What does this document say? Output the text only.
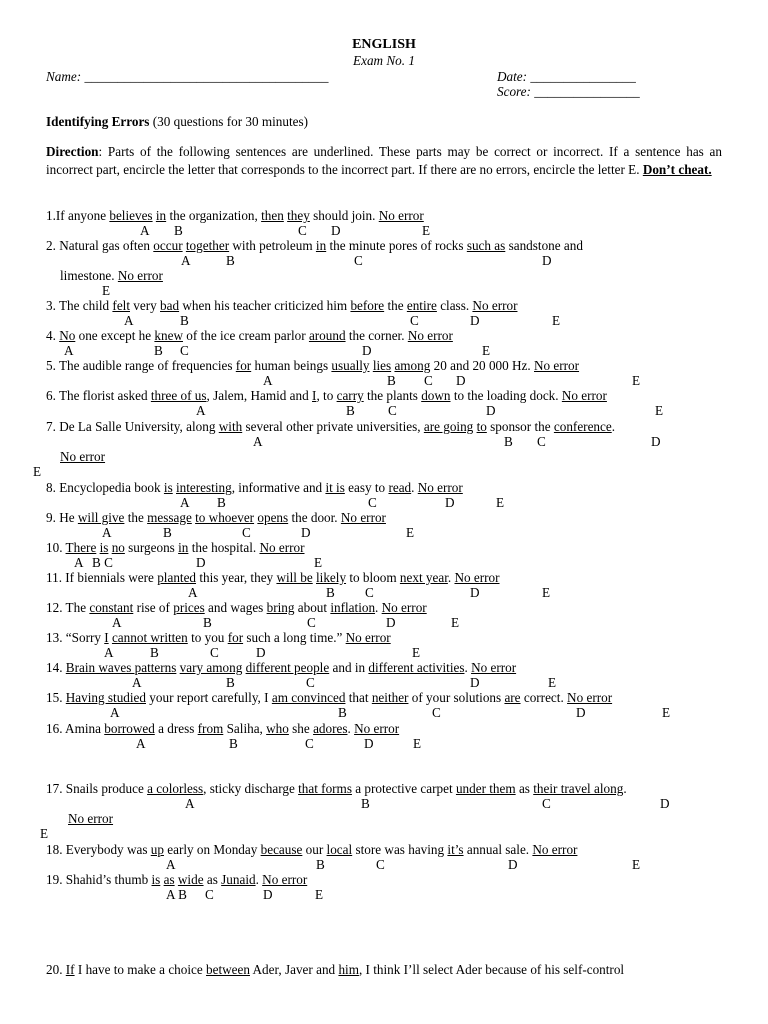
ENGLISH
Exam No. 1
Name: _____________________________________	Date: ________________
Score: ________________
Identifying Errors (30 questions for 30 minutes)
Direction: Parts of the following sentences are underlined. These parts may be correct or incorrect. If a sentence has an incorrect part, encircle the letter that corresponds to the incorrect part. If there are no errors, encircle the letter E. Don’t cheat.
1.If anyone believes in the organization, then they should join. No error
A B	C D	E
2. Natural gas often occur together with petroleum in the minute pores of rocks such as sandstone and
A	B	C	D
limestone. No error
E
3. The child felt very bad when his teacher criticized him before the entire class. No error
A	B	C	D	E
4. No one except he knew of the ice cream parlor around the corner. No error
A	B C	D	E
5. The audible range of frequencies for human beings usually lies among 20 and 20 000 Hz. No error
A	B C D	E
6. The florist asked three of us, Jalem, Hamid and I, to carry the plants down to the loading dock. No error
A	B	C	D	E
7. De La Salle University, along with several other private universities, are going to sponsor the conference.
A	B C	D
No error
E
8. Encyclopedia book is interesting, informative and it is easy to read. No error
A B	C	D	E
9. He will give the message to whoever opens the door. No error
A	B	C	D	E
10. There is no surgeons in the hospital. No error
A B C	D	E
11. If biennials were planted this year, they will be likely to bloom next year. No error
A	B C	D	E
12. The constant rise of prices and wages bring about inflation. No error
A	B	C	D	E
13. “Sorry I cannot written to you for such a long time.” No error
A	B	C	D	E
14. Brain waves patterns vary among different people and in different activities. No error
A	B	C	D	E
15. Having studied your report carefully, I am convinced that neither of your solutions are correct. No error
A	B	C	D	E
16. Amina borrowed a dress from Saliha, who she adores. No error
A	B	C	D	E
17. Snails produce a colorless, sticky discharge that forms a protective carpet under them as their travel along.
A	B	C	D
No error
E
18. Everybody was up early on Monday because our local store was having it’s annual sale. No error
A	B	C	D	E
19. Shahid’s thumb is as wide as Junaid. No error
A B C	D	E
20. If I have to make a choice between Ader, Javer and him, I think I’ll select Ader because of his self-control
